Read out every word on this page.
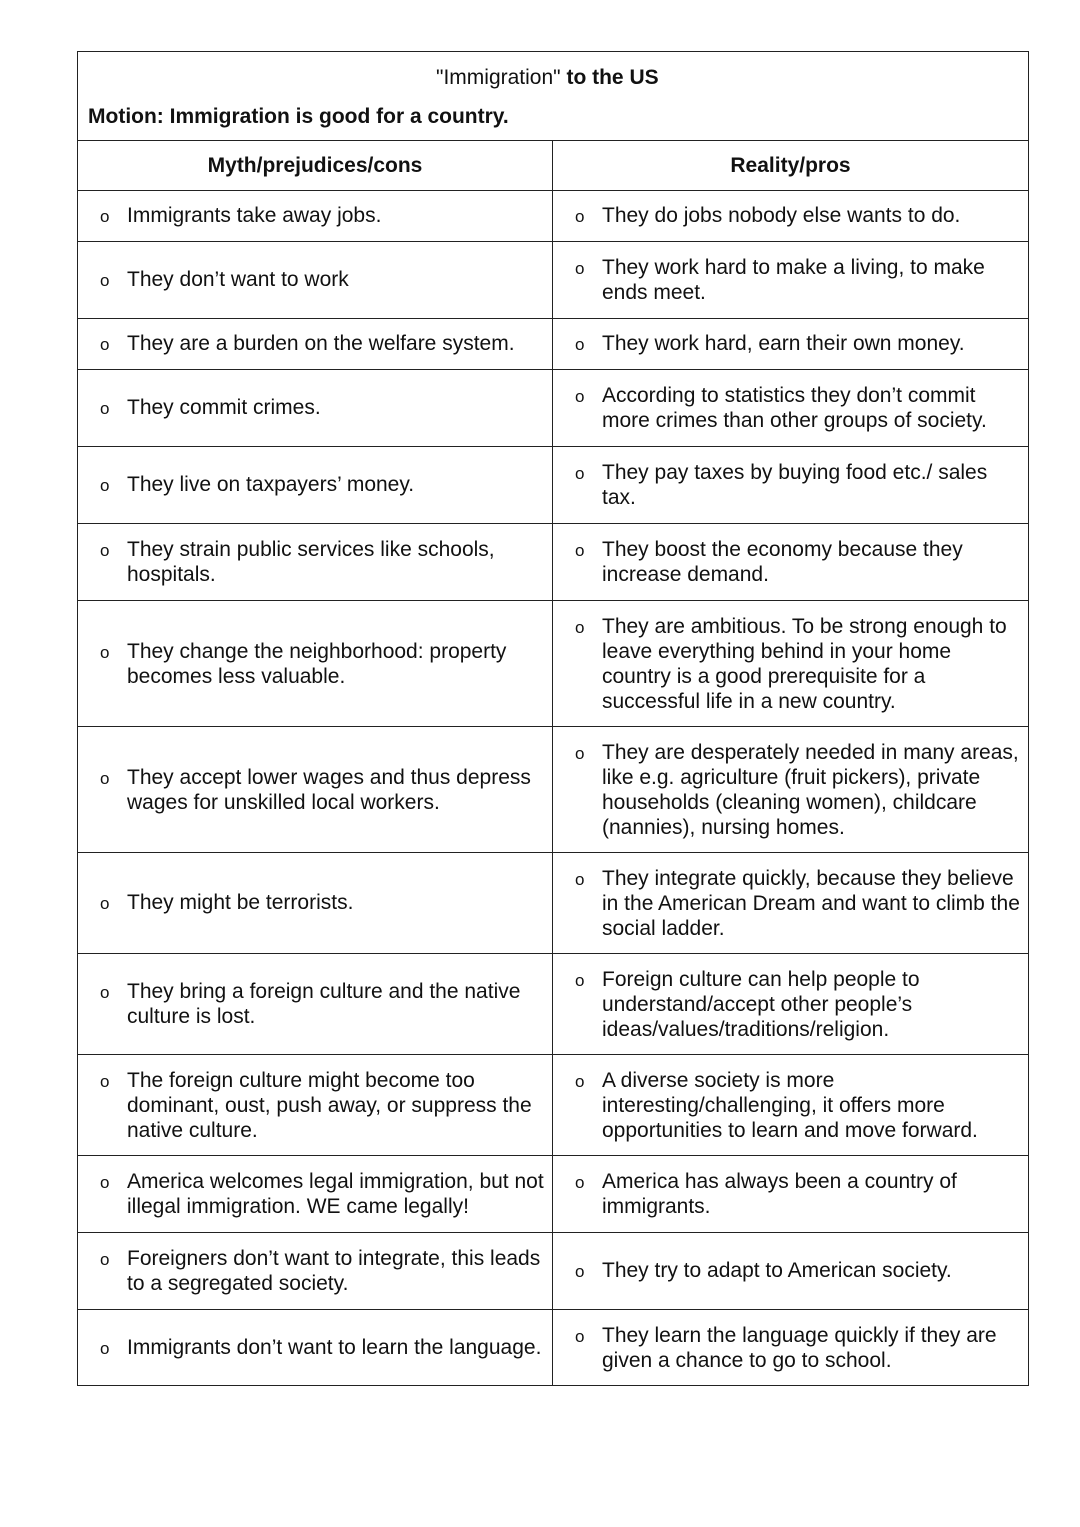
"Immigration" to the US
Motion: Immigration is good for a country.	

Myth/prejudices/cons	Reality/pros

o Immigrants take away jobs.	o They do jobs nobody else wants to do.

o They don’t want to work	o They work hard to make a living, to make ends meet.

o They are a burden on the welfare system.	o They work hard, earn their own money.

o They commit crimes.	o According to statistics they don’t commit more crimes than other groups of society.

o They live on taxpayers’ money.	o They pay taxes by buying food etc./ sales tax.

o They strain public services like schools, hospitals.	o They boost the economy because they increase demand.

o They change the neighborhood: property becomes less valuable.	o They are ambitious. To be strong enough to leave everything behind in your home country is a good prerequisite for a successful life in a new country.

o They accept lower wages and thus depress wages for unskilled local workers.	o They are desperately needed in many areas, like e.g. agriculture (fruit pickers), private households (cleaning women), childcare (nannies), nursing homes.

o They might be terrorists.	o They integrate quickly, because they believe in the American Dream and want to climb the social ladder.

o They bring a foreign culture and the native culture is lost.	o Foreign culture can help people to understand/accept other people’s ideas/values/traditions/religion.

o The foreign culture might become too dominant, oust, push away, or suppress the native culture.	o A diverse society is more interesting/challenging, it offers more opportunities to learn and move forward.

o America welcomes legal immigration, but not illegal immigration. WE came legally!	o America has always been a country of immigrants.

o Foreigners don’t want to integrate, this leads to a segregated society.	o They try to adapt to American society.

o Immigrants don’t want to learn the language.	o They learn the language quickly if they are given a chance to go to school.
